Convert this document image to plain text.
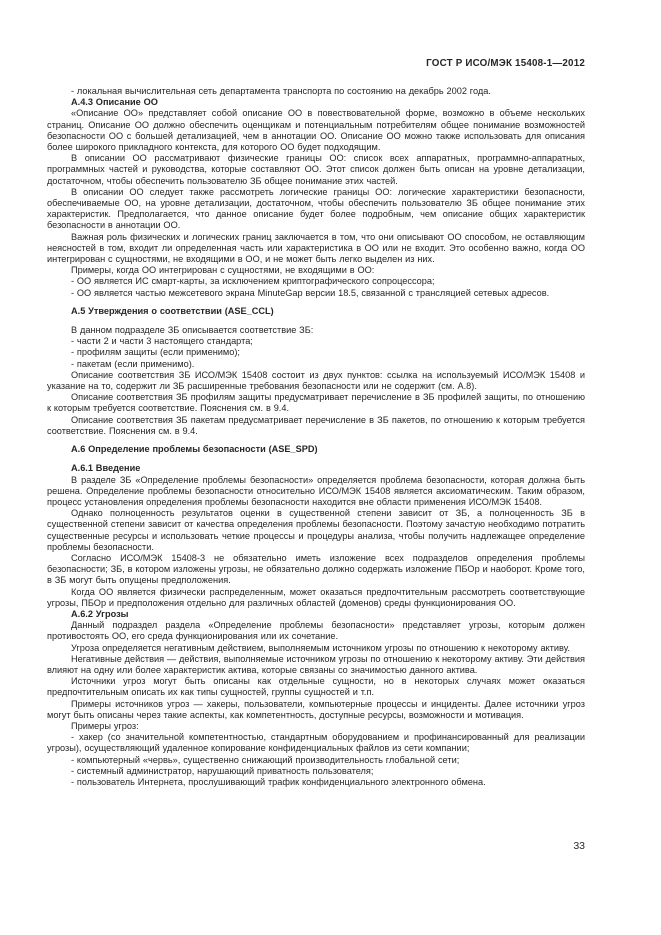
ГОСТ Р ИСО/МЭК 15408-1—2012

- локальная вычислительная сеть департамента транспорта по состоянию на декабрь 2002 года.

А.4.3 Описание ОО

«Описание ОО» представляет собой описание ОО в повествовательной форме, возможно в объеме нескольких страниц. Описание ОО должно обеспечить оценщикам и потенциальным потребителям общее понимание возможностей безопасности ОО с большей детализацией, чем в аннотации ОО. Описание ОО можно также использовать для описания более широкого прикладного контекста, для которого ОО будет подходящим.

В описании ОО рассматривают физические границы ОО: список всех аппаратных, программно-аппаратных, программных частей и руководства, которые составляют ОО. Этот список должен быть описан на уровне детализации, достаточном, чтобы обеспечить пользователю ЗБ общее понимание этих частей.

В описании ОО следует также рассмотреть логические границы ОО: логические характеристики безопасности, обеспечиваемые ОО, на уровне детализации, достаточном, чтобы обеспечить пользователю ЗБ общее понимание этих характеристик. Предполагается, что данное описание будет более подробным, чем описание общих характеристик безопасности в аннотации ОО.

Важная роль физических и логических границ заключается в том, что они описывают ОО способом, не оставляющим неясностей в том, входит ли определенная часть или характеристика в ОО или не входит. Это особенно важно, когда ОО интегрирован с сущностями, не входящими в ОО, и не может быть легко выделен из них.

Примеры, когда ОО интегрирован с сущностями, не входящими в ОО:

- ОО является ИС смарт-карты, за исключением криптографического сопроцессора;

- ОО является частью межсетевого экрана MinuteGap версии 18.5, связанной с трансляцией сетевых адресов.

А.5 Утверждения о соответствии (ASE_CCL)

В данном подразделе ЗБ описывается соответствие ЗБ:

- части 2 и части 3 настоящего стандарта;

- профилям защиты (если применимо);

- пакетам (если применимо).

Описание соответствия ЗБ ИСО/МЭК 15408 состоит из двух пунктов: ссылка на используемый ИСО/МЭК 15408 и указание на то, содержит ли ЗБ расширенные требования безопасности или не содержит (см. А.8).

Описание соответствия ЗБ профилям защиты предусматривает перечисление в ЗБ профилей защиты, по отношению к которым требуется соответствие. Пояснения см. в 9.4.

Описание соответствия ЗБ пакетам предусматривает перечисление в ЗБ пакетов, по отношению к которым требуется соответствие. Пояснения см. в 9.4.

А.6 Определение проблемы безопасности (ASE_SPD)

А.6.1 Введение

В разделе ЗБ «Определение проблемы безопасности» определяется проблема безопасности, которая должна быть решена. Определение проблемы безопасности относительно ИСО/МЭК 15408 является аксиоматическим. Таким образом, процесс установления определения проблемы безопасности находится вне области применения ИСО/МЭК 15408.

Однако полноценность результатов оценки в существенной степени зависит от ЗБ, а полноценность ЗБ в существенной степени зависит от качества определения проблемы безопасности. Поэтому зачастую необходимо потратить существенные ресурсы и использовать четкие процессы и процедуры анализа, чтобы получить надлежащее определение проблемы безопасности.

Согласно ИСО/МЭК 15408-3 не обязательно иметь изложение всех подразделов определения проблемы безопасности; ЗБ, в котором изложены угрозы, не обязательно должно содержать изложение ПБОр и наоборот. Кроме того, в ЗБ могут быть опущены предположения.

Когда ОО является физически распределенным, может оказаться предпочтительным рассмотреть соответствующие угрозы, ПБОр и предположения отдельно для различных областей (доменов) среды функционирования ОО.

А.6.2 Угрозы

Данный подраздел раздела «Определение проблемы безопасности» представляет угрозы, которым должен противостоять ОО, его среда функционирования или их сочетание.

Угроза определяется негативным действием, выполняемым источником угрозы по отношению к некоторому активу.

Негативные действия — действия, выполняемые источником угрозы по отношению к некоторому активу. Эти действия влияют на одну или более характеристик актива, которые связаны со значимостью данного актива.

Источники угроз могут быть описаны как отдельные сущности, но в некоторых случаях может оказаться предпочтительным описать их как типы сущностей, группы сущностей и т.п.

Примеры источников угроз — хакеры, пользователи, компьютерные процессы и инциденты. Далее источники угроз могут быть описаны через такие аспекты, как компетентность, доступные ресурсы, возможности и мотивация.

Примеры угроз:

- хакер (со значительной компетентностью, стандартным оборудованием и профинансированный для реализации угрозы), осуществляющий удаленное копирование конфиденциальных файлов из сети компании;

- компьютерный «червь», существенно снижающий производительность глобальной сети;

- системный администратор, нарушающий приватность пользователя;

- пользователь Интернета, прослушивающий трафик конфиденциального электронного обмена.

33
